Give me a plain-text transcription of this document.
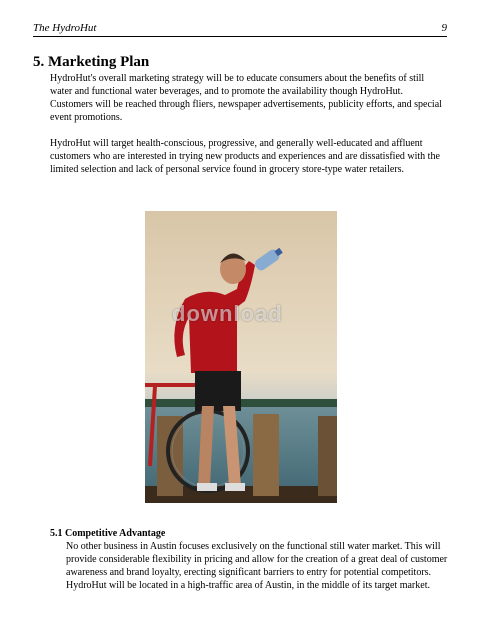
The HydroHut	9
5. Marketing Plan

HydroHut's overall marketing strategy will be to educate consumers about the benefits of still water and functional water beverages, and to promote the availability though HydroHut. Customers will be reached through fliers, newspaper advertisements, publicity efforts, and special event promotions.

HydroHut will target health-conscious, progressive, and generally well-educated and affluent customers who are interested in trying new products and experiences and are dissatisfied with the limited selection and lack of personal service found in grocery store-type water retailers.

download
5.1 Competitive Advantage

No other business in Austin focuses exclusively on the functional still water market. This will provide considerable flexibility in pricing and allow for the creation of a great deal of customer awareness and brand loyalty, erecting significant barriers to entry for potential competitors. HydroHut will be located in a high-traffic area of Austin, in the middle of its target market.
